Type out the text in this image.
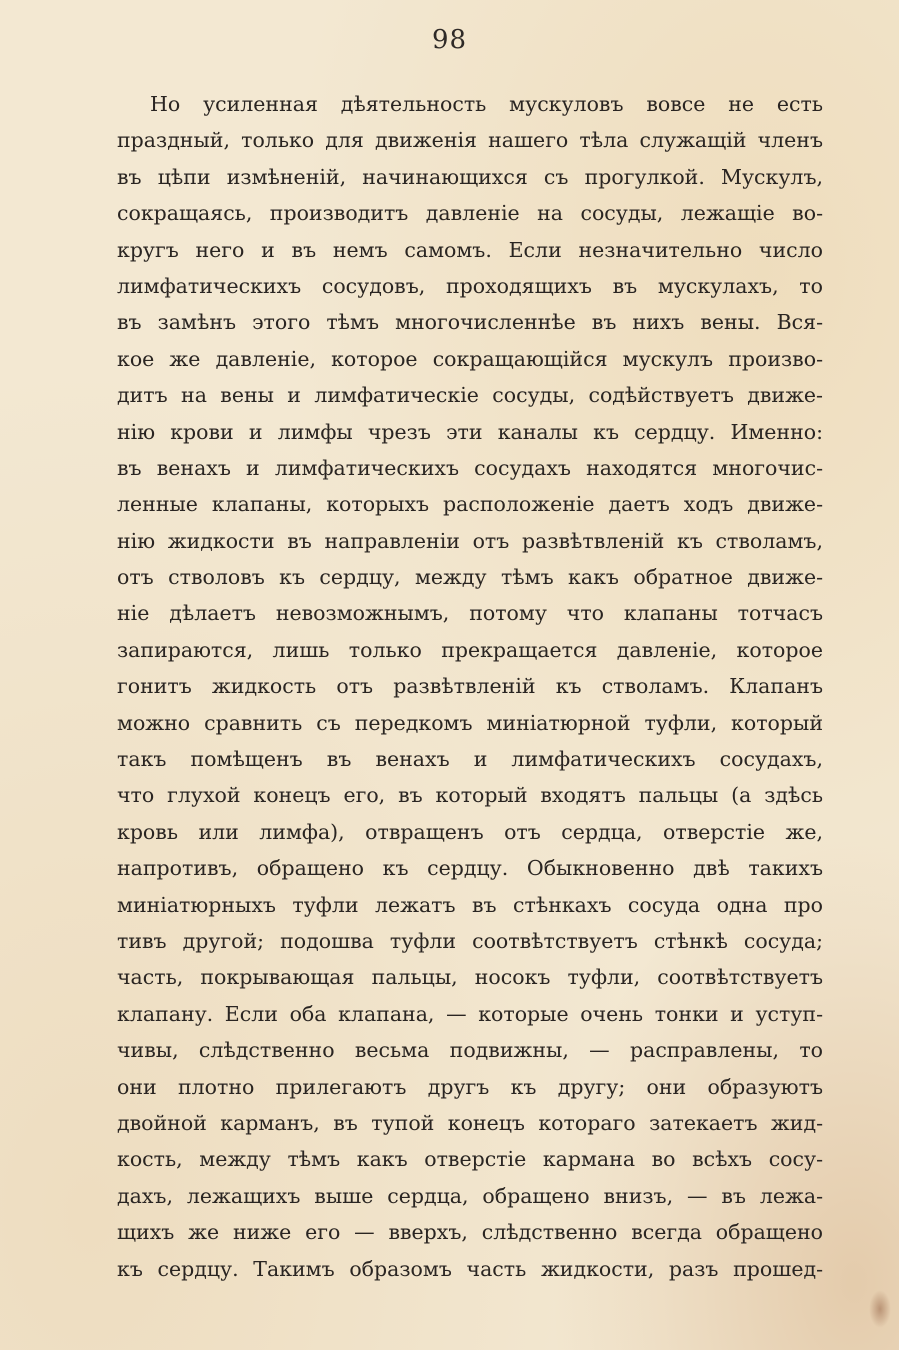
98
Но усиленная дѣятельность мускуловъ вовсе не есть
праздный, только для движенія нашего тѣла служащій членъ
въ цѣпи измѣненій, начинающихся съ прогулкой. Мускулъ,
сокращаясь, производитъ давленіе на сосуды, лежащіе во-
кругъ него и въ немъ самомъ. Если незначительно число
лимфатическихъ сосудовъ, проходящихъ въ мускулахъ, то
въ замѣнъ этого тѣмъ многочисленнѣе въ нихъ вены. Вся-
кое же давленіе, которое сокращающійся мускулъ произво-
дитъ на вены и лимфатическіе сосуды, содѣйствуетъ движе-
нію крови и лимфы чрезъ эти каналы къ сердцу. Именно:
въ венахъ и лимфатическихъ сосудахъ находятся многочис-
ленные клапаны, которыхъ расположеніе даетъ ходъ движе-
нію жидкости въ направленіи отъ развѣтвленій къ стволамъ,
отъ стволовъ къ сердцу, между тѣмъ какъ обратное движе-
ніе дѣлаетъ невозможнымъ, потому что клапаны тотчасъ
запираются, лишь только прекращается давленіе, которое
гонитъ жидкость отъ развѣтвленій къ стволамъ. Клапанъ
можно сравнить съ передкомъ миніатюрной туфли, который
такъ помѣщенъ въ венахъ и лимфатическихъ сосудахъ,
что глухой конецъ его, въ который входятъ пальцы (а здѣсь
кровь или лимфа), отвращенъ отъ сердца, отверстіе же,
напротивъ, обращено къ сердцу. Обыкновенно двѣ такихъ
миніатюрныхъ туфли лежатъ въ стѣнкахъ сосуда одна про
тивъ другой; подошва туфли соотвѣтствуетъ стѣнкѣ сосуда;
часть, покрывающая пальцы, носокъ туфли, соотвѣтствуетъ
клапану. Если оба клапана, — которые очень тонки и уступ-
чивы, слѣдственно весьма подвижны, — расправлены, то
они плотно прилегаютъ другъ къ другу; они образуютъ
двойной карманъ, въ тупой конецъ котораго затекаетъ жид-
кость, между тѣмъ какъ отверстіе кармана во всѣхъ сосу-
дахъ, лежащихъ выше сердца, обращено внизъ, — въ лежа-
щихъ же ниже его — вверхъ, слѣдственно всегда обращено
къ сердцу. Такимъ образомъ часть жидкости, разъ прошед-
